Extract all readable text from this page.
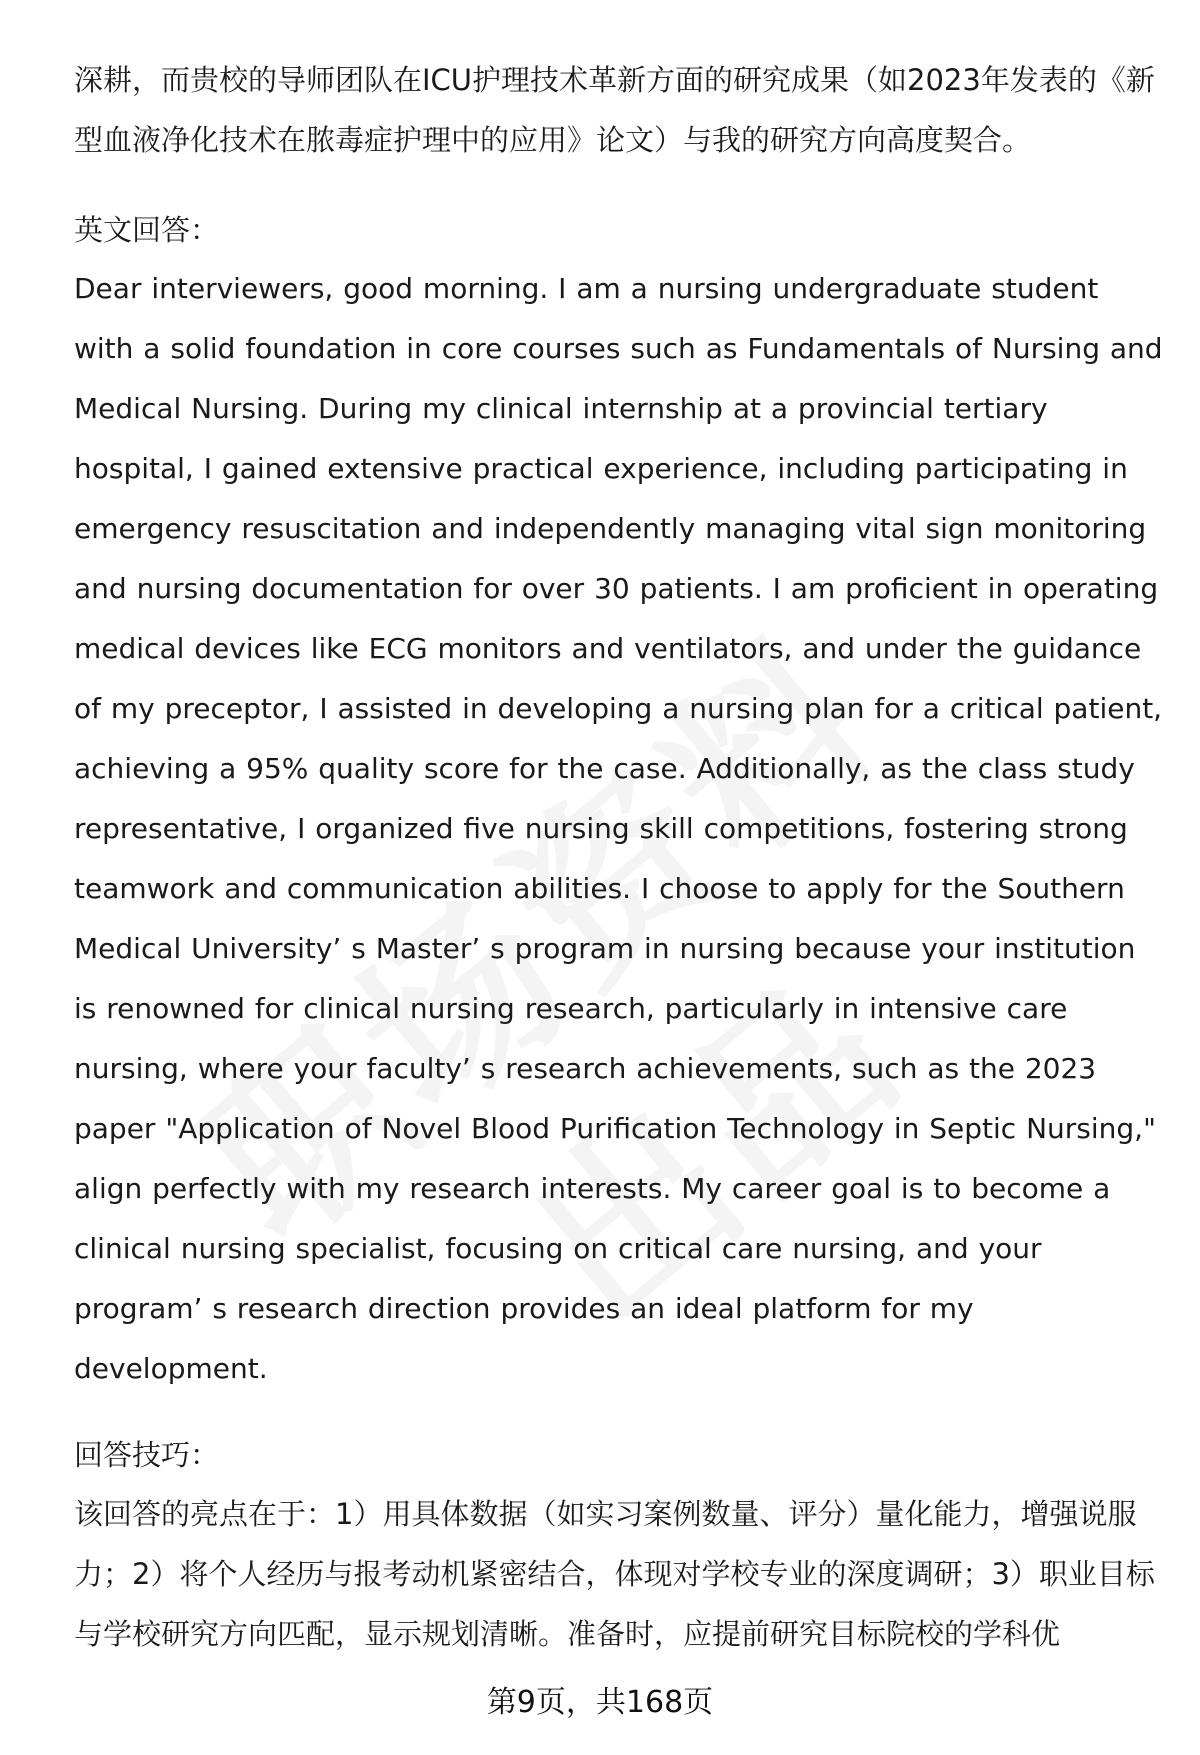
深耕，而贵校的导师团队在ICU护理技术革新方面的研究成果（如2023年发表的《新型血液净化技术在脓毒症护理中的应用》论文）与我的研究方向高度契合。

英文回答：

Dear interviewers, good morning. I am a nursing undergraduate student with a solid foundation in core courses such as Fundamentals of Nursing and Medical Nursing. During my clinical internship at a provincial tertiary hospital, I gained extensive practical experience, including participating in emergency resuscitation and independently managing vital sign monitoring and nursing documentation for over 30 patients. I am proficient in operating medical devices like ECG monitors and ventilators, and under the guidance of my preceptor, I assisted in developing a nursing plan for a critical patient, achieving a 95% quality score for the case. Additionally, as the class study representative, I organized five nursing skill competitions, fostering strong teamwork and communication abilities. I choose to apply for the Southern Medical University’ s Master’ s program in nursing because your institution is renowned for clinical nursing research, particularly in intensive care nursing, where your faculty’ s research achievements, such as the 2023 paper "Application of Novel Blood Purification Technology in Septic Nursing," align perfectly with my research interests. My career goal is to become a clinical nursing specialist, focusing on critical care nursing, and your program’ s research direction provides an ideal platform for my development.

回答技巧：

该回答的亮点在于：1）用具体数据（如实习案例数量、评分）量化能力，增强说服力；2）将个人经历与报考动机紧密结合，体现对学校专业的深度调研；3）职业目标与学校研究方向匹配，显示规划清晰。准备时，应提前研究目标院校的学科优

第9页，共168页
